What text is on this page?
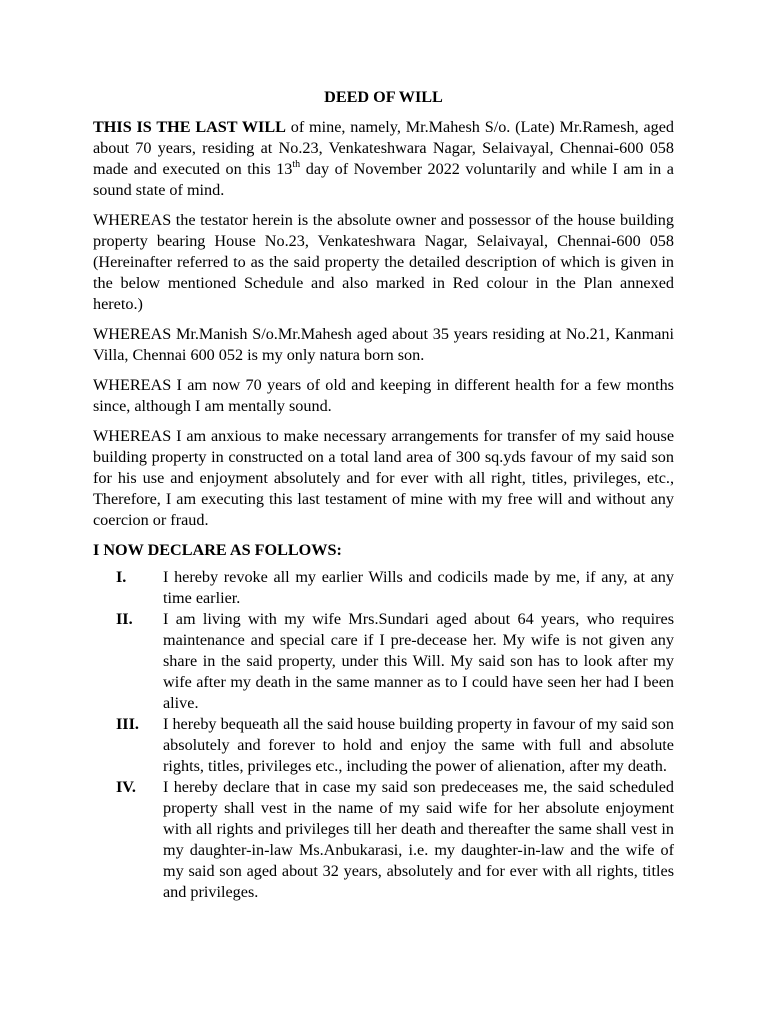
DEED OF WILL

THIS IS THE LAST WILL of mine, namely, Mr.Mahesh S/o. (Late) Mr.Ramesh, aged about 70 years, residing at No.23, Venkateshwara Nagar, Selaivayal, Chennai-600 058 made and executed on this 13th day of November 2022 voluntarily and while I am in a sound state of mind.

WHEREAS the testator herein is the absolute owner and possessor of the house building property bearing House No.23, Venkateshwara Nagar, Selaivayal, Chennai-600 058 (Hereinafter referred to as the said property the detailed description of which is given in the below mentioned Schedule and also marked in Red colour in the Plan annexed hereto.)

WHEREAS Mr.Manish S/o.Mr.Mahesh aged about 35 years residing at No.21, Kanmani Villa, Chennai 600 052 is my only natura born son.

WHEREAS I am now 70 years of old and keeping in different health for a few months since, although I am mentally sound.

WHEREAS I am anxious to make necessary arrangements for transfer of my said house building property in constructed on a total land area of 300 sq.yds favour of my said son for his use and enjoyment absolutely and for ever with all right, titles, privileges, etc., Therefore, I am executing this last testament of mine with my free will and without any coercion or fraud.

I NOW DECLARE AS FOLLOWS:
I. I hereby revoke all my earlier Wills and codicils made by me, if any, at any time earlier.
II. I am living with my wife Mrs.Sundari aged about 64 years, who requires maintenance and special care if I pre-decease her. My wife is not given any share in the said property, under this Will. My said son has to look after my wife after my death in the same manner as to I could have seen her had I been alive.
III. I hereby bequeath all the said house building property in favour of my said son absolutely and forever to hold and enjoy the same with full and absolute rights, titles, privileges etc., including the power of alienation, after my death.
IV. I hereby declare that in case my said son predeceases me, the said scheduled property shall vest in the name of my said wife for her absolute enjoyment with all rights and privileges till her death and thereafter the same shall vest in my daughter-in-law Ms.Anbukarasi, i.e. my daughter-in-law and the wife of my said son aged about 32 years, absolutely and for ever with all rights, titles and privileges.
